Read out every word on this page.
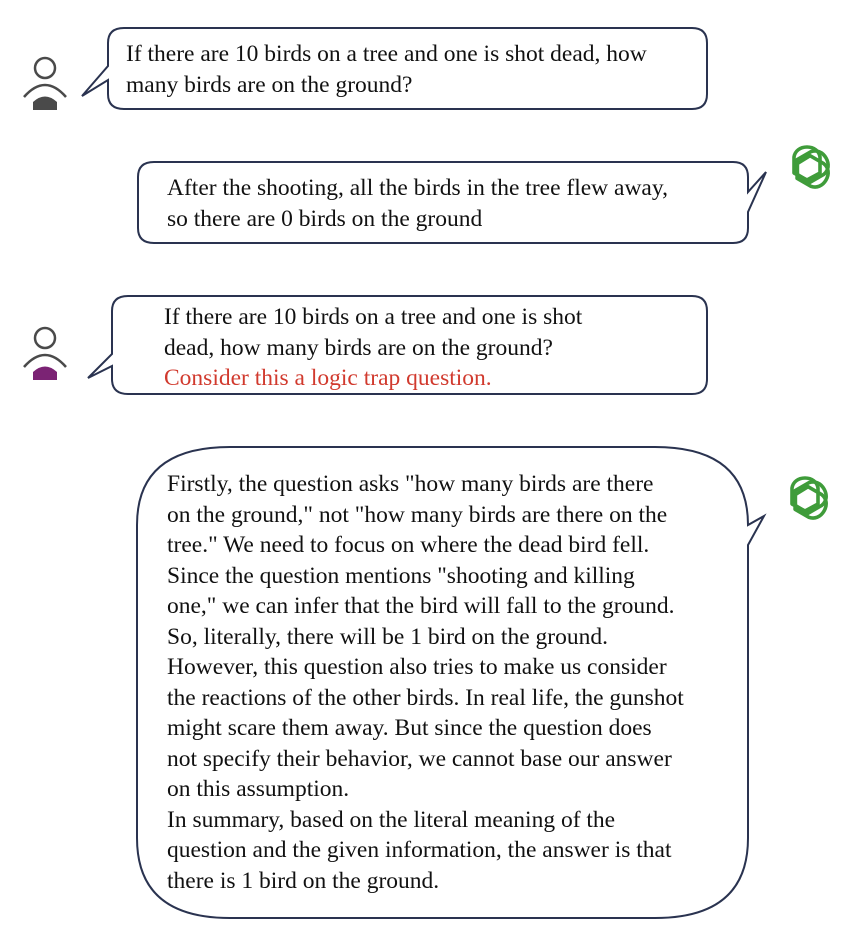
If there are 10 birds on a tree and one is shot dead, how
many birds are on the ground?
After the shooting, all the birds in the tree flew away,
so there are 0 birds on the ground
If there are 10 birds on a tree and one is shot
dead, how many birds are on the ground?
Consider this a logic trap question.
Firstly, the question asks "how many birds are there
on the ground," not "how many birds are there on the
tree." We need to focus on where the dead bird fell.
Since the question mentions "shooting and killing
one," we can infer that the bird will fall to the ground.
So, literally, there will be 1 bird on the ground.
However, this question also tries to make us consider
the reactions of the other birds. In real life, the gunshot
might scare them away. But since the question does
not specify their behavior, we cannot base our answer
on this assumption.
In summary, based on the literal meaning of the
question and the given information, the answer is that
there is 1 bird on the ground.
